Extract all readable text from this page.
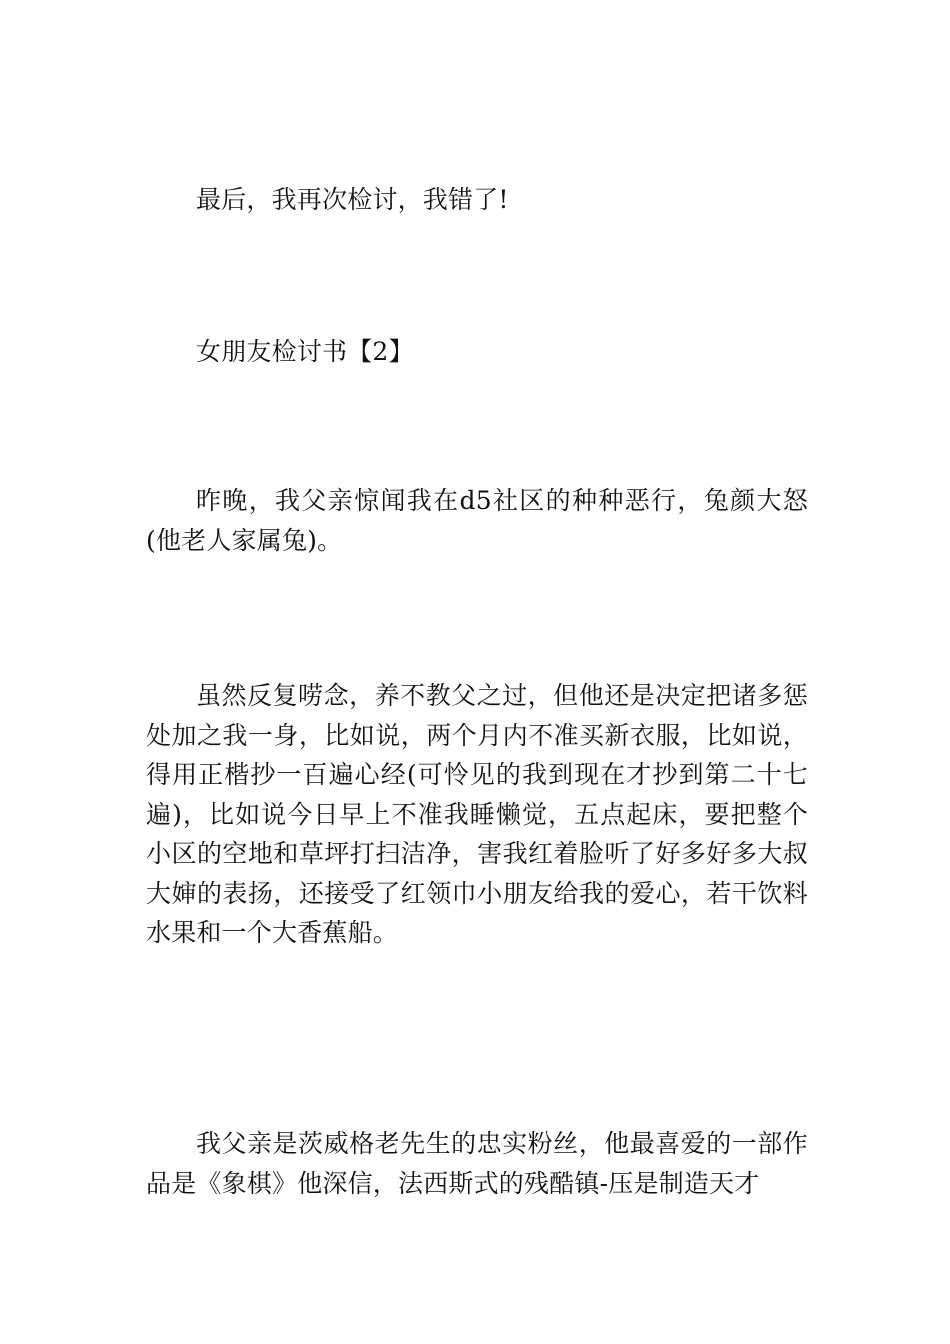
最后，我再次检讨，我错了!

女朋友检讨书【2】

昨晚，我父亲惊闻我在d5社区的种种恶行，兔颜大怒(他老人家属兔)。

虽然反复唠念，养不教父之过，但他还是决定把诸多惩处加之我一身，比如说，两个月内不准买新衣服，比如说，得用正楷抄一百遍心经(可怜见的我到现在才抄到第二十七遍)，比如说今日早上不准我睡懒觉，五点起床，要把整个小区的空地和草坪打扫洁净，害我红着脸听了好多好多大叔大婶的表扬，还接受了红领巾小朋友给我的爱心，若干饮料水果和一个大香蕉船。

我父亲是茨威格老先生的忠实粉丝，他最喜爱的一部作品是《象棋》他深信，法西斯式的残酷镇-压是制造天才
